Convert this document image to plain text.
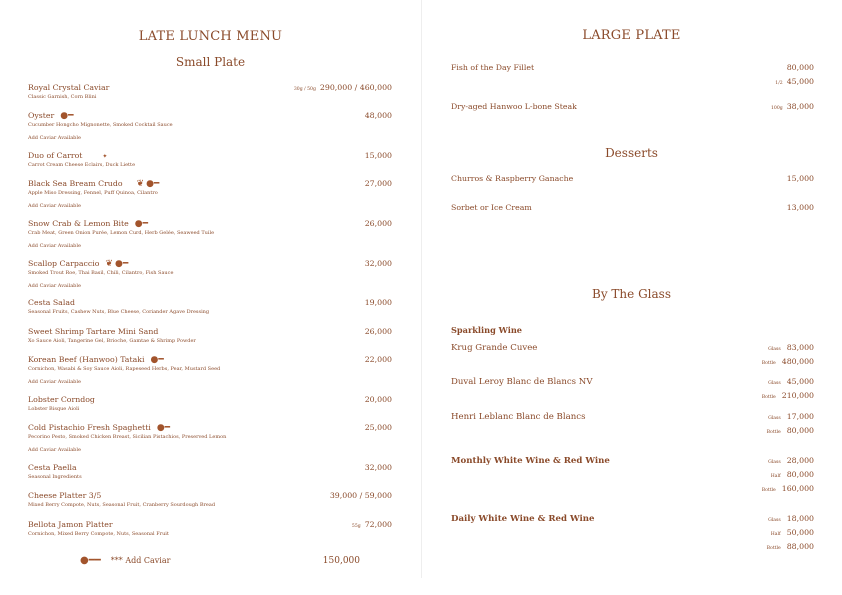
LATE LUNCH MENU
Small Plate
Royal Crystal Caviar
Classic Garnish, Corn Blini
30g / 50g 290,000 / 460,000
Oyster ●━
Cucumber Hongcho Mignonette, Smoked Cocktail Sauce
Add Caviar Available
48,000
Duo of Carrot	✦
Carrot Cream Cheese Eclairs, Duck Liette
15,000
Black Sea Bream Crudo ❦ ●━
Apple Miso Dressing, Fennel, Puff Quinoa, Cilantro
Add Caviar Available
27,000
Snow Crab & Lemon Bite ●━
Crab Meat, Green Onion Purée, Lemon Curd, Herb Gelée, Seaweed Tuile
Add Caviar Available
26,000
Scallop Carpaccio ❦ ●━
Smoked Trout Roe, Thai Basil, Chili, Cilantro, Fish Sauce
Add Caviar Available
32,000
Cesta Salad
Seasonal Fruits, Cashew Nuts, Blue Cheese, Coriander Agave Dressing
19,000
Sweet Shrimp Tartare Mini Sand
Xo Sauce Aioli, Tangerine Gel, Brioche, Gamtae & Shrimp Powder
26,000
Korean Beef (Hanwoo) Tataki ●━
Cornichon, Wasabi & Soy Sauce Aioli, Rapeseed Herbs, Pear, Mustard Seed
Add Caviar Available
22,000
Lobster Corndog
Lobster Bisque Aioli
20,000
Cold Pistachio Fresh Spaghetti ●━
Pecorino Pesto, Smoked Chicken Breast, Sicilian Pistachios, Preserved Lemon
Add Caviar Available
25,000
Cesta Paella
Seasonal Ingredients
32,000
Cheese Platter 3/5
Mixed Berry Compote, Nuts, Seasonal Fruit, Cranberry Sourdough Bread
39,000 / 59,000
Bellota Jamon Platter
Cornichon, Mixed Berry Compote, Nuts, Seasonal Fruit
55g 72,000
●━━ *** Add Caviar	150,000
LARGE PLATE
Fish of the Day Fillet	80,000
1/2 45,000
Dry-aged Hanwoo L-bone Steak	100g 38,000
Desserts
Churros & Raspberry Ganache	15,000
Sorbet or Ice Cream	13,000
By The Glass
Sparkling Wine
Krug Grande Cuvee	Glass 83,000
Bottle 480,000
Duval Leroy Blanc de Blancs NV	Glass 45,000
Bottle 210,000
Henri Leblanc Blanc de Blancs	Glass 17,000
Bottle 80,000
Monthly White Wine & Red Wine	Glass 28,000
Half 80,000
Bottle 160,000
Daily White Wine & Red Wine	Glass 18,000
Half 50,000
Bottle 88,000
